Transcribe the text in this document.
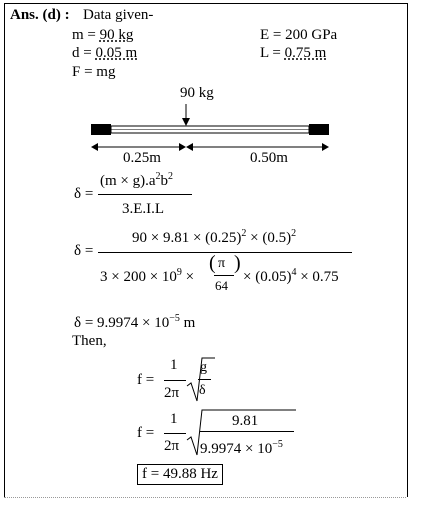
Ans. (d) : Data given-
m = 90 kg
d = 0.05 m
F = mg
E = 200 GPa
L = 0.75 m
90 kg
0.25m	0.50m
δ =
$(m \times g).a^2b^2$
3.E.I.L
δ =
$90 \times 9.81 \times (0.25)^2 \times (0.5)^2$
$3 \times 200 \times 10^9$ ×
( π
64
)
× $(0.05)^4 \times 0.75$
$\delta = 9.9974 \times 10^{-5}$ m
Then,
f =
1
2π
g
δ
f =
1
2π
9.81
$9.9974 \times 10^{-5}$
f = 49.88 Hz
